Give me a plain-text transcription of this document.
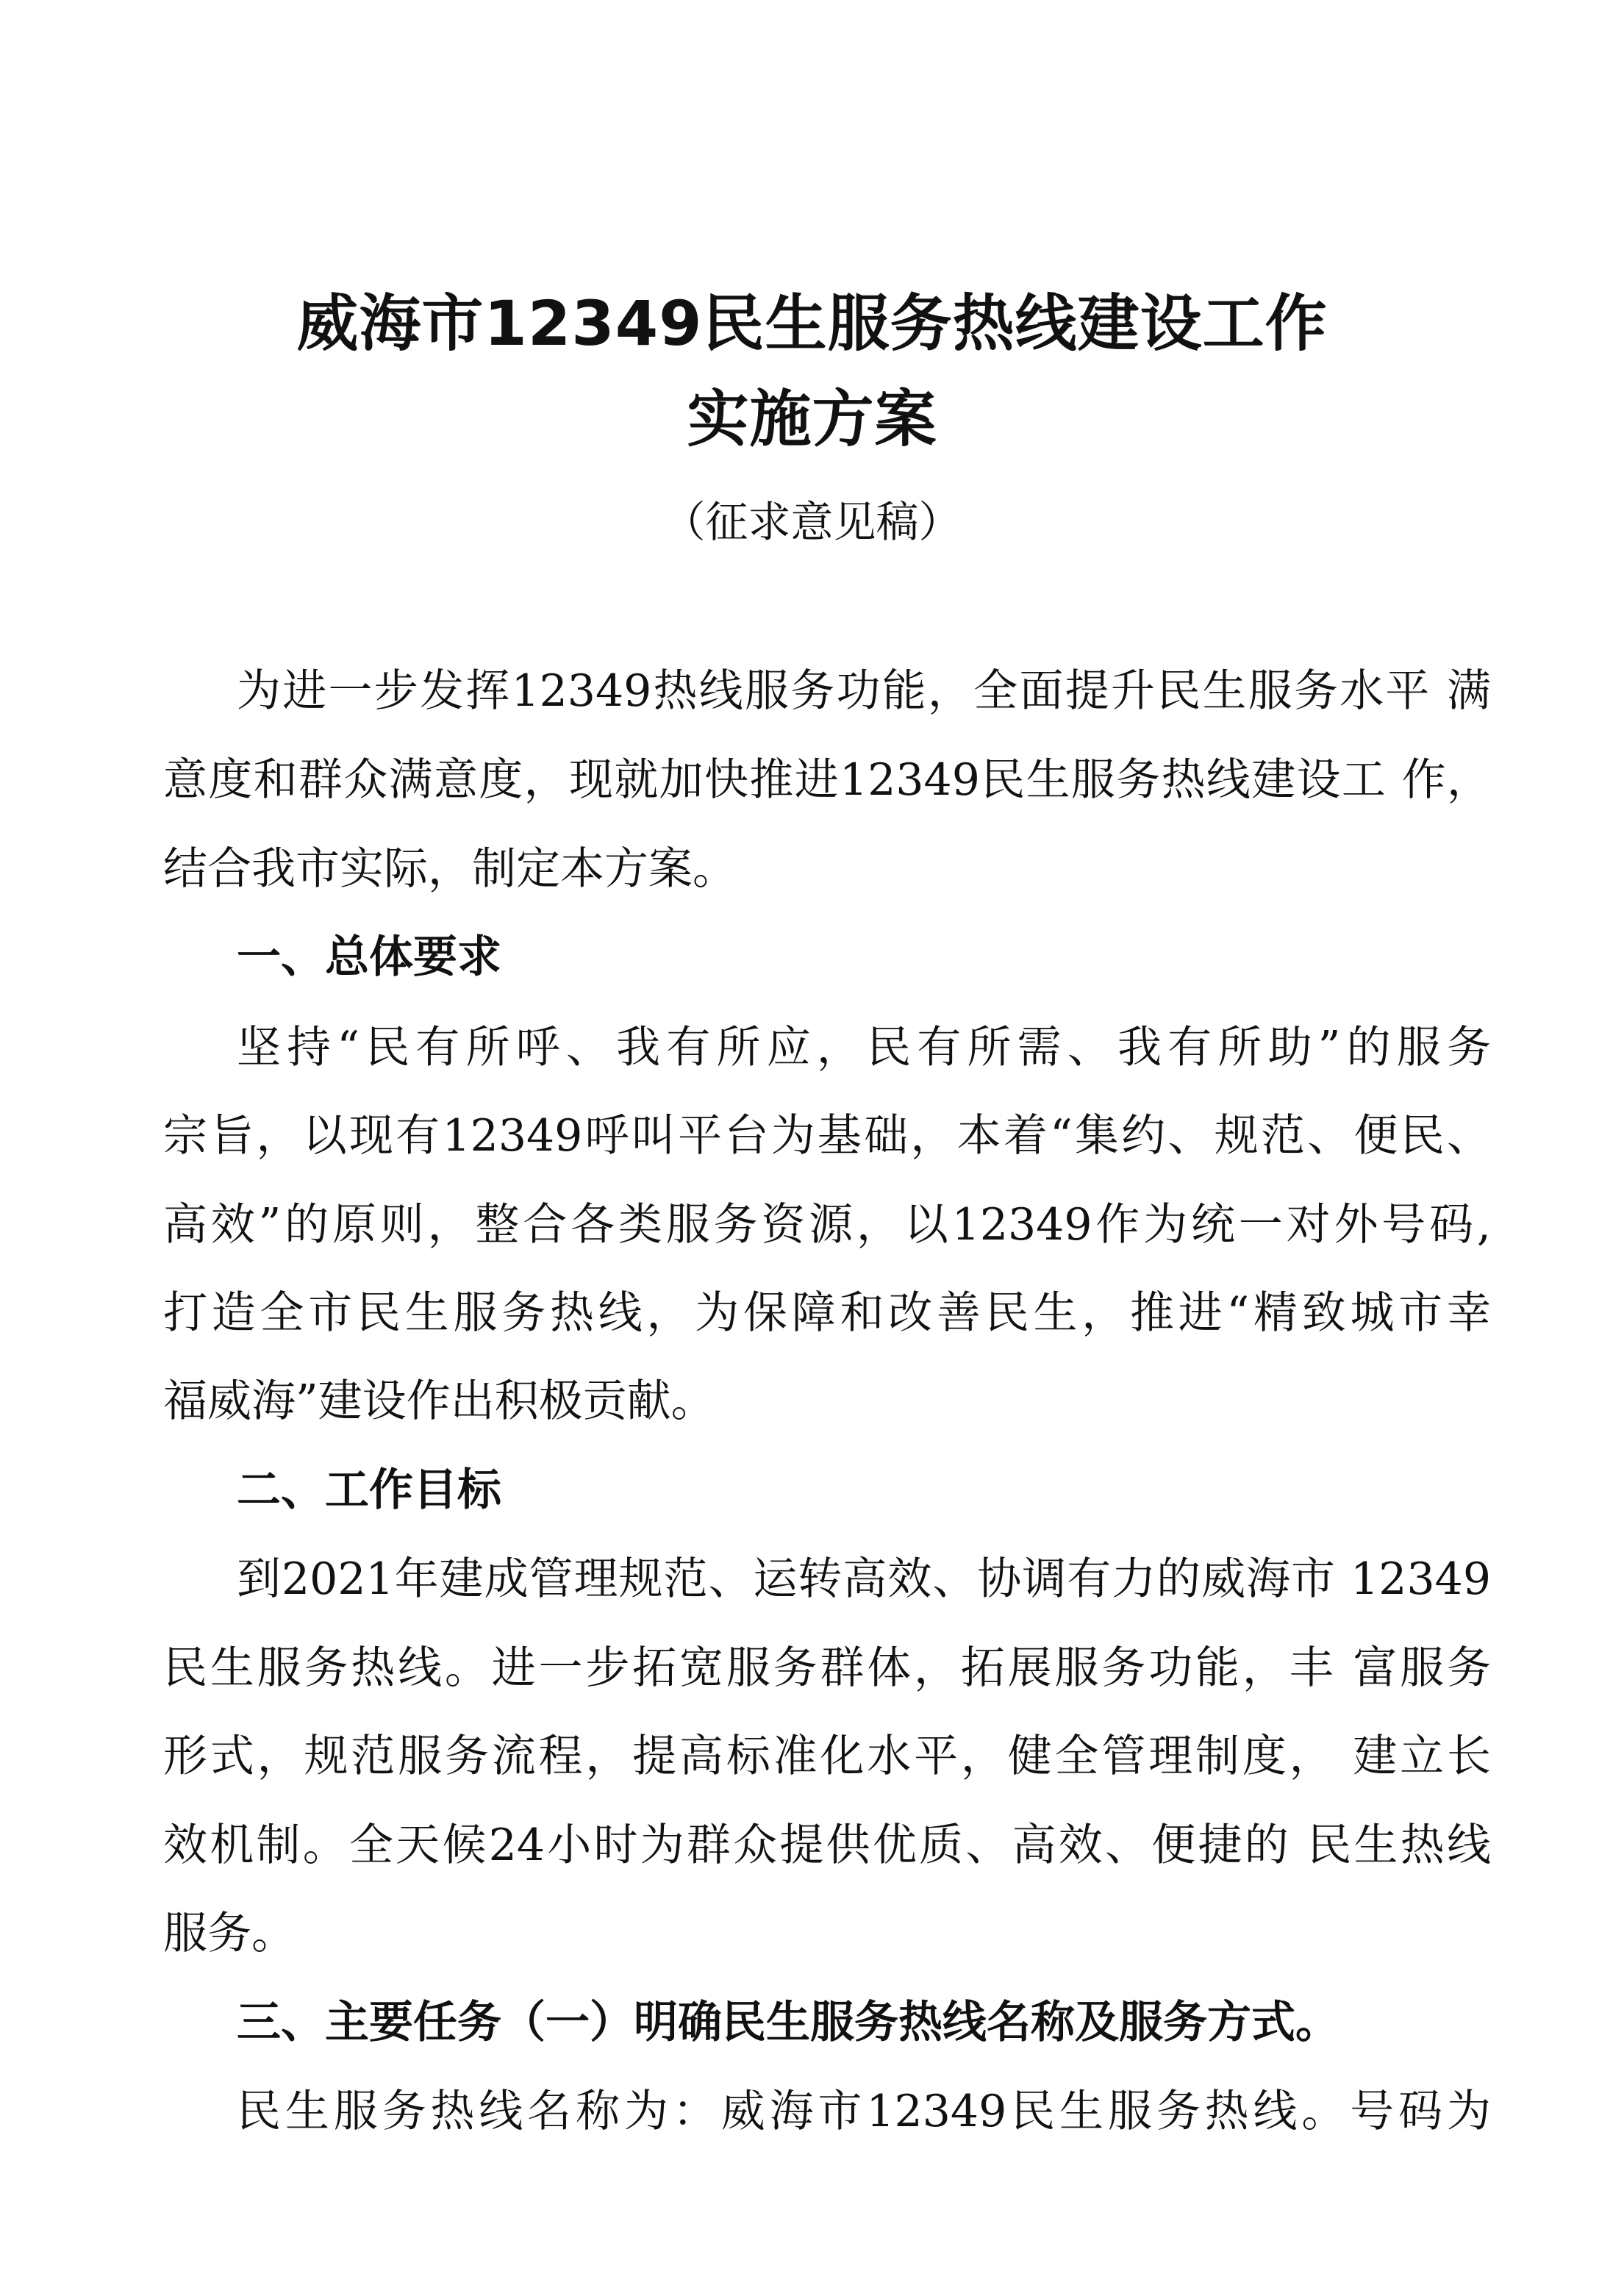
威海市12349民生服务热线建设工作
实施方案
（征求意见稿）
为进一步发挥12349热线服务功能，全面提升民生服务水平 满
意度和群众满意度，现就加快推进12349民生服务热线建设工 作，
结合我市实际，制定本方案。
一、总体要求
坚持“民有所呼、我有所应，民有所需、我有所助”的服务
宗旨，以现有12349呼叫平台为基础，本着“集约、规范、便民、
高效”的原则，整合各类服务资源，以12349作为统一对外号码,
打造全市民生服务热线，为保障和改善民生，推进“精致城市幸
福威海”建设作出积极贡献。
二、工作目标
到2021年建成管理规范、运转高效、协调有力的威海市 12349
民生服务热线。进一步拓宽服务群体，拓展服务功能，丰 富服务
形式，规范服务流程，提高标准化水平，健全管理制度， 建立长
效机制。全天候24小时为群众提供优质、高效、便捷的 民生热线
服务。
三、主要任务（一）明确民生服务热线名称及服务方式。
民生服务热线名称为：威海市12349民生服务热线。号码为
